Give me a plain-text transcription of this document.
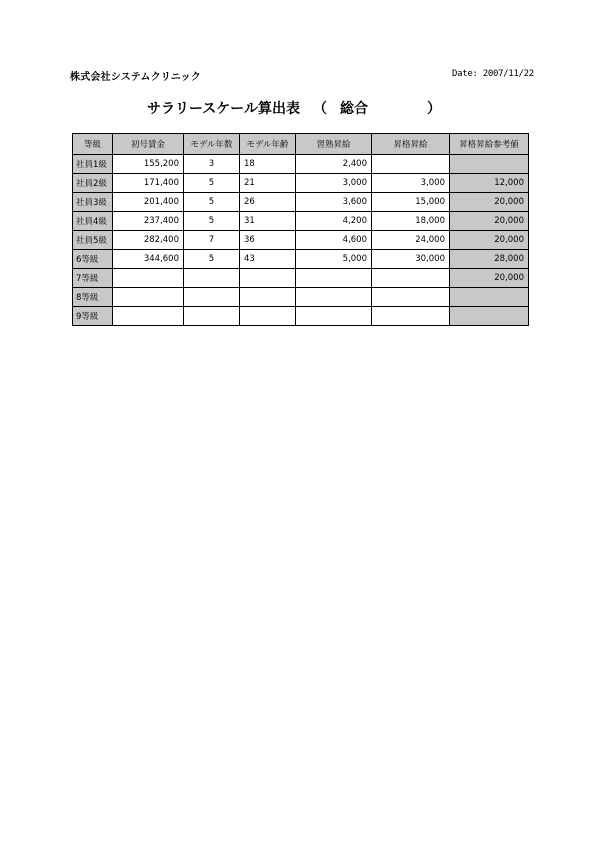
株式会社システムクリニック	Date: 2007/11/22
サラリースケール算出表 （ 総合	）
等級	初号賃金	モデル年数	モデル年齢	習熟昇給	昇格昇給	昇格昇給参考値
社員1級	155,200	3	18	2,400		
社員2級	171,400	5	21	3,000	3,000	12,000
社員3級	201,400	5	26	3,600	15,000	20,000
社員4級	237,400	5	31	4,200	18,000	20,000
社員5級	282,400	7	36	4,600	24,000	20,000
6等級	344,600	5	43	5,000	30,000	28,000
7等級						20,000
8等級						
9等級						
